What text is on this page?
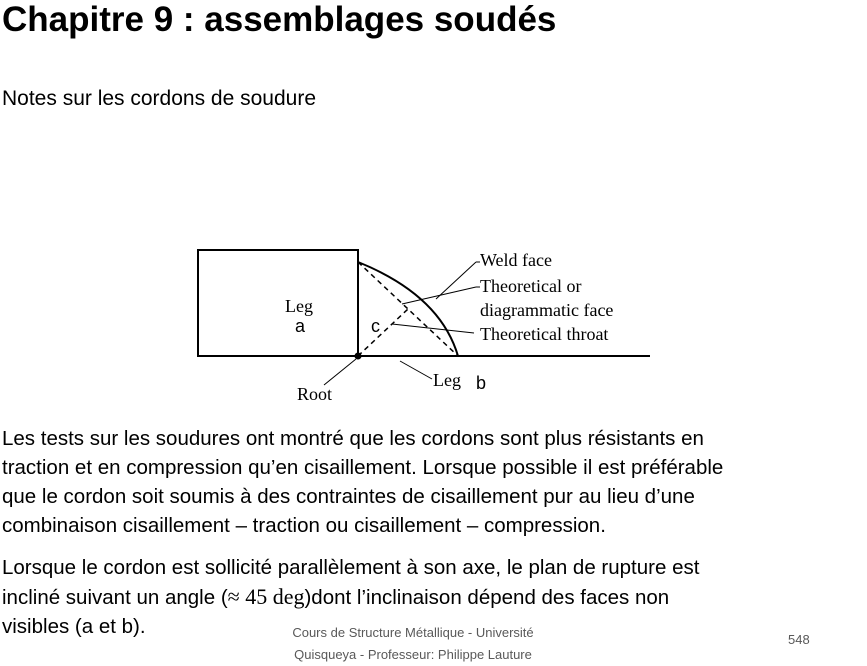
Chapitre 9 : assemblages soudés

Notes sur les cordons de soudure

Weld face
Theoretical or
diagrammatic face
Theoretical throat
Leg
Leg
Root
a	c
b
Les tests sur les soudures ont montré que les cordons sont plus résistants en
traction et en compression qu’en cisaillement. Lorsque possible il est préférable
que le cordon soit soumis à des contraintes de cisaillement pur au lieu d’une
combinaison cisaillement – traction ou cisaillement – compression.
Lorsque le cordon est sollicité parallèlement à son axe, le plan de rupture est
incliné suivant un angle (≈ 45 deg)dont l’inclinaison dépend des faces non
visibles (a et b).	Cours de Structure Métallique - Université
Quisqueya - Professeur: Philippe Lauture
548
